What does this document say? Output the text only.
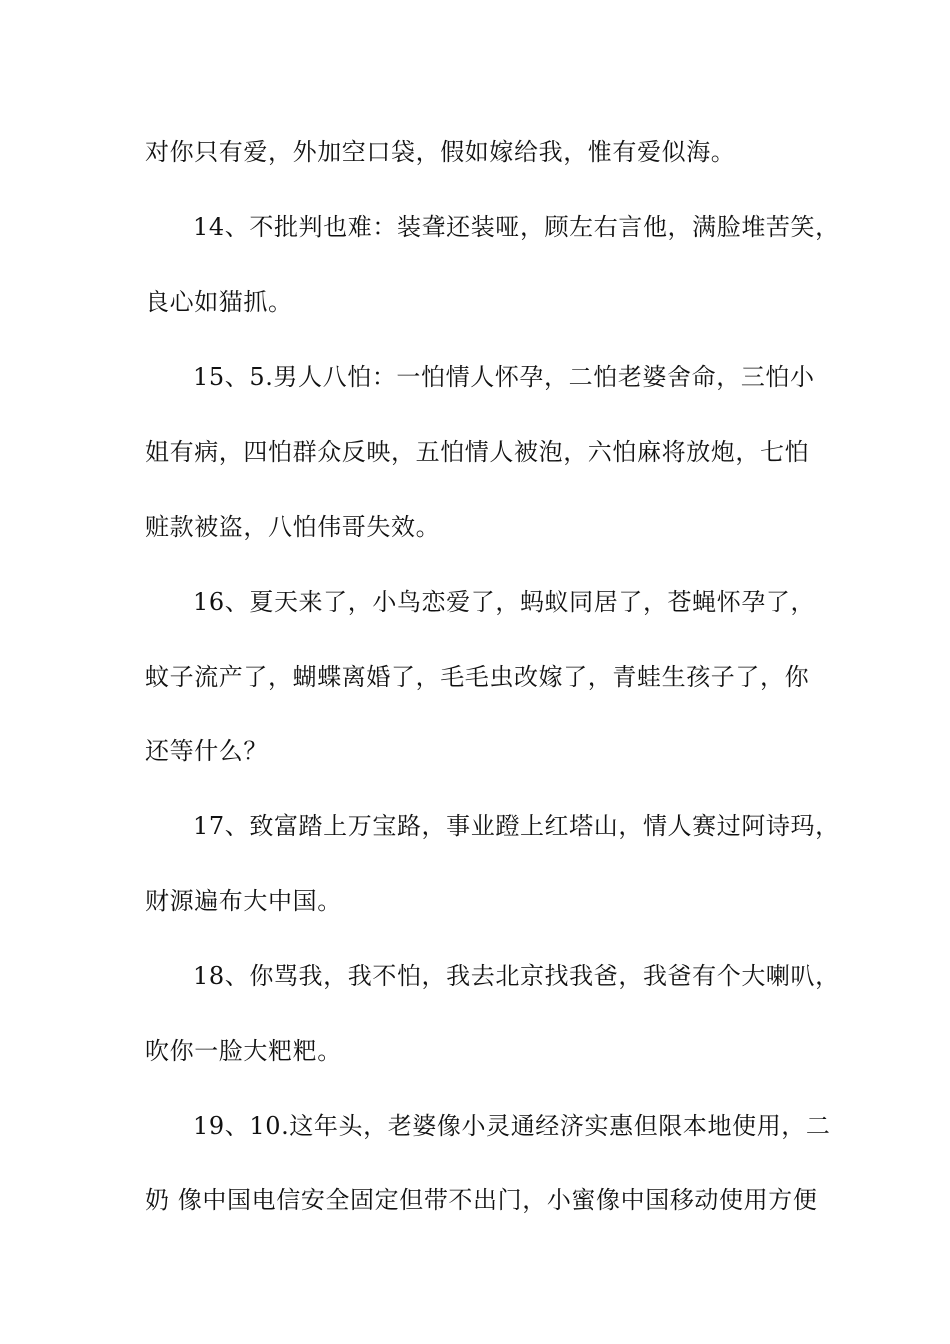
对你只有爱，外加空口袋，假如嫁给我，惟有爱似海。
14、不批判也难：装聋还装哑，顾左右言他，满脸堆苦笑，
良心如猫抓。
15、5.男人八怕：一怕情人怀孕，二怕老婆舍命，三怕小
姐有病，四怕群众反映，五怕情人被泡，六怕麻将放炮，七怕
赃款被盗，八怕伟哥失效。
16、夏天来了，小鸟恋爱了，蚂蚁同居了，苍蝇怀孕了，
蚊子流产了，蝴蝶离婚了，毛毛虫改嫁了，青蛙生孩子了，你
还等什么？
17、致富踏上万宝路，事业蹬上红塔山，情人赛过阿诗玛，
财源遍布大中国。
18、你骂我，我不怕，我去北京找我爸，我爸有个大喇叭，
吹你一脸大粑粑。
19、10.这年头，老婆像小灵通经济实惠但限本地使用，二
奶 像中国电信安全固定但带不出门，小蜜像中国移动使用方便
